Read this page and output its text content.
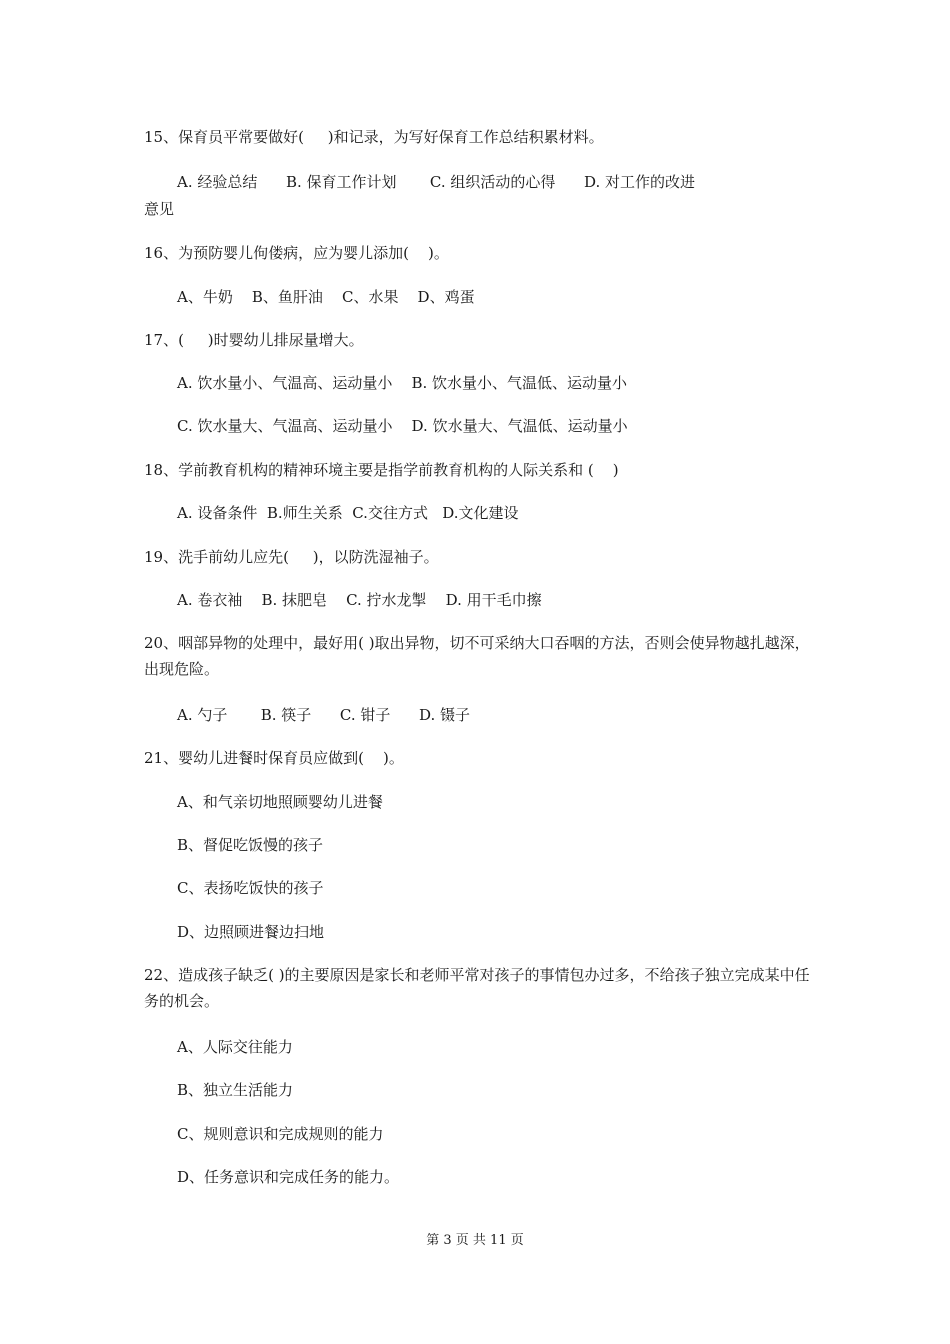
15、保育员平常要做好(     )和记录，为写好保育工作总结积累材料。
A. 经验总结      B. 保育工作计划       C. 组织活动的心得      D. 对工作的改进
意见
16、为预防婴儿佝偻病，应为婴儿添加(    )。
A、牛奶    B、鱼肝油    C、水果    D、鸡蛋
17、(     )时婴幼儿排尿量增大。
A. 饮水量小、气温高、运动量小    B. 饮水量小、气温低、运动量小
C. 饮水量大、气温高、运动量小    D. 饮水量大、气温低、运动量小
18、学前教育机构的精神环境主要是指学前教育机构的人际关系和 (    )
A. 设备条件  B.师生关系  C.交往方式   D.文化建设
19、洗手前幼儿应先(     )，以防洗湿袖子。
A. 卷衣袖    B. 抹肥皂    C. 拧水龙掣    D. 用干毛巾擦
20、咽部异物的处理中，最好用( )取出异物，切不可采纳大口吞咽的方法，否则会使异物越扎越深，出现危险。
A. 勺子       B. 筷子      C. 钳子      D. 镊子
21、婴幼儿进餐时保育员应做到(    )。
A、和气亲切地照顾婴幼儿进餐
B、督促吃饭慢的孩子
C、表扬吃饭快的孩子
D、边照顾进餐边扫地
22、造成孩子缺乏( )的主要原因是家长和老师平常对孩子的事情包办过多，不给孩子独立完成某中任务的机会。
A、人际交往能力
B、独立生活能力
C、规则意识和完成规则的能力
D、任务意识和完成任务的能力。
第 3 页 共 11 页
